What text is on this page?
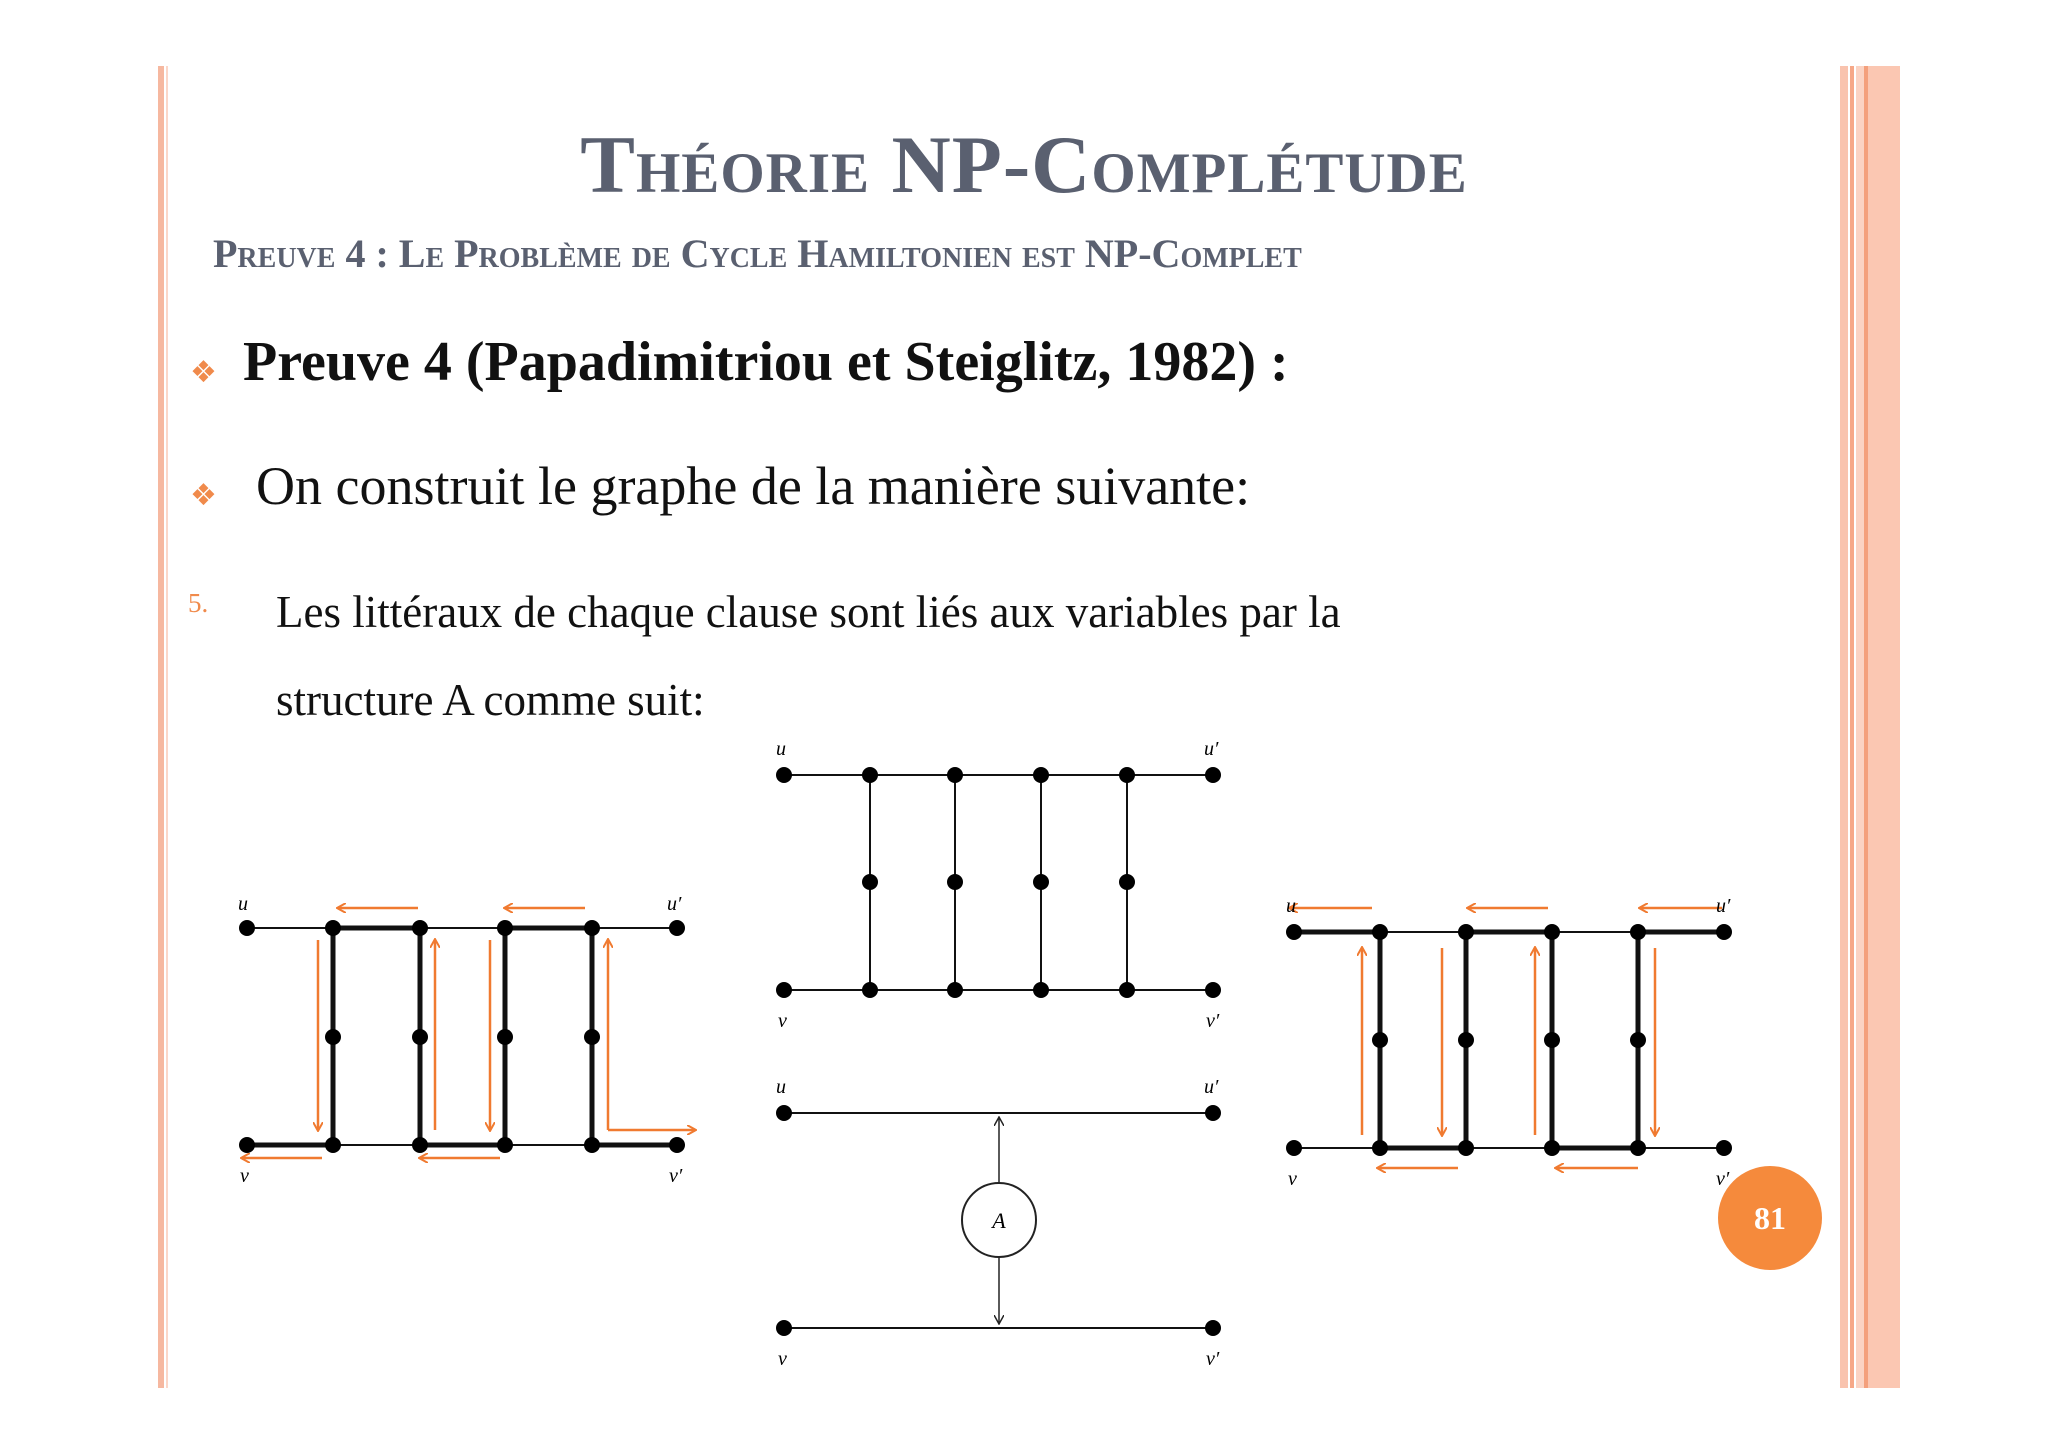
Théorie NP-Complétude
Preuve 4 : Le Problème de Cycle Hamiltonien est NP-Complet
❖ Preuve 4 (Papadimitriou et Steiglitz, 1982) :
❖ On construit le graphe de la manière suivante:
5. Les littéraux de chaque clause sont liés aux variables par la
structure A comme suit:
u	u′
v	v′
A
u	u′
v	v′
u	u′
v	v′
u	u′
v	v′
81
